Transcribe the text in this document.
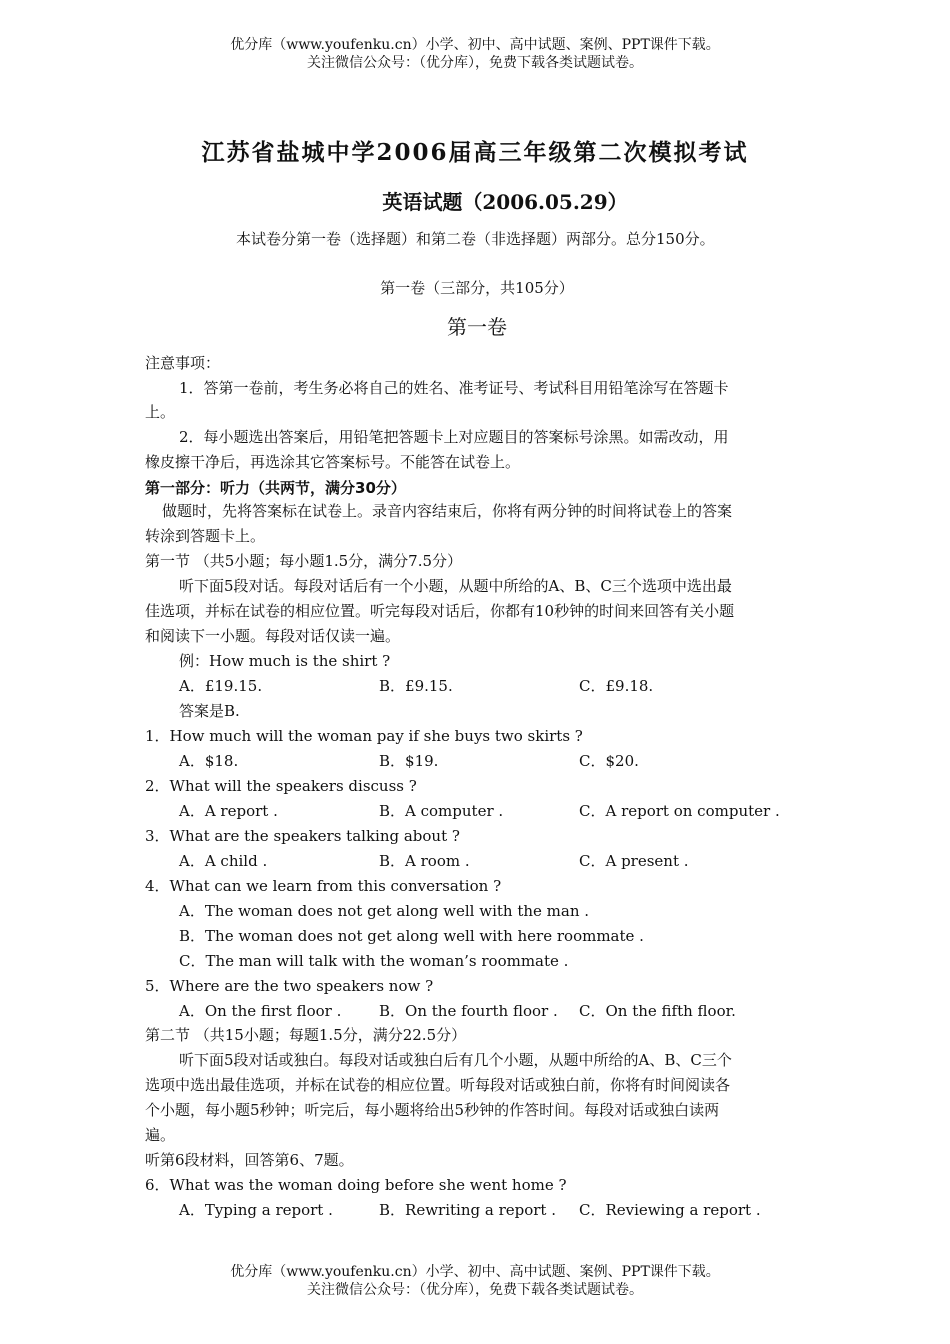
优分库（www.youfenku.cn）小学、初中、高中试题、案例、PPT课件下载。
关注微信公众号：（优分库），免费下载各类试题试卷。
江苏省盐城中学2006届高三年级第二次模拟考试
英语试题（2006.05.29）
本试卷分第一卷（选择题）和第二卷（非选择题）两部分。总分150分。
第一卷（三部分，共105分）
第一卷
注意事项：
1．答第一卷前，考生务必将自己的姓名、准考证号、考试科目用铅笔涂写在答题卡
上。
2．每小题选出答案后，用铅笔把答题卡上对应题目的答案标号涂黑。如需改动，用
橡皮擦干净后，再选涂其它答案标号。不能答在试卷上。
第一部分：听力（共两节，满分30分）
做题时，先将答案标在试卷上。录音内容结束后，你将有两分钟的时间将试卷上的答案
转涂到答题卡上。
第一节 （共5小题；每小题1.5分，满分7.5分）
听下面5段对话。每段对话后有一个小题，从题中所给的A、B、C三个选项中选出最
佳选项，并标在试卷的相应位置。听完每段对话后，你都有10秒钟的时间来回答有关小题
和阅读下一小题。每段对话仅读一遍。
例：How much is the shirt ?
A．£19.15.	B．£9.15.	C．£9.18.
答案是B.
1．How much will the woman pay if she buys two skirts ?
A．$18.	B．$19.	C．$20.
2．What will the speakers discuss ?
A．A report .	B．A computer .	C．A report on computer .
3．What are the speakers talking about ?
A．A child .	B．A room .	C．A present .
4．What can we learn from this conversation ?
A．The woman does not get along well with the man .
B．The woman does not get along well with here roommate .
C．The man will talk with the woman’s roommate .
5．Where are the two speakers now ?
A．On the first floor .	B．On the fourth floor . C．On the fifth floor.
第二节 （共15小题；每题1.5分，满分22.5分）
听下面5段对话或独白。每段对话或独白后有几个小题，从题中所给的A、B、C三个
选项中选出最佳选项，并标在试卷的相应位置。听每段对话或独白前，你将有时间阅读各
个小题，每小题5秒钟；听完后，每小题将给出5秒钟的作答时间。每段对话或独白读两
遍。
听第6段材料，回答第6、7题。
6．What was the woman doing before she went home ?
A．Typing a report .	B．Rewriting a report . C．Reviewing a report .
优分库（www.youfenku.cn）小学、初中、高中试题、案例、PPT课件下载。
关注微信公众号：（优分库），免费下载各类试题试卷。
